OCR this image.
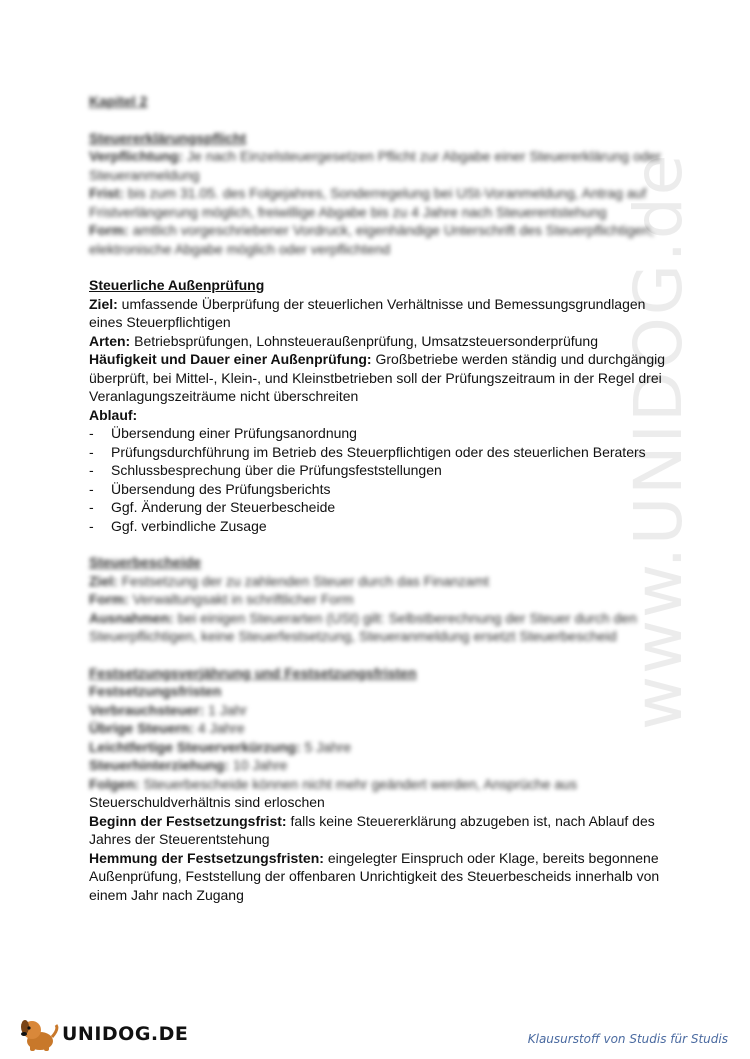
www.UNIDOG.de
Kapitel 2
Steuererklärungspflicht
Verpflichtung: Je nach Einzelsteuergesetzen Pflicht zur Abgabe einer Steuererklärung oder Steueranmeldung
Frist: bis zum 31.05. des Folgejahres, Sonderregelung bei USt-Voranmeldung, Antrag auf Fristverlängerung möglich, freiwillige Abgabe bis zu 4 Jahre nach Steuerentstehung
Form: amtlich vorgeschriebener Vordruck, eigenhändige Unterschrift des Steuerpflichtigen, elektronische Abgabe möglich oder verpflichtend
Steuerliche Außenprüfung
Ziel: umfassende Überprüfung der steuerlichen Verhältnisse und Bemessungsgrundlagen eines Steuerpflichtigen
Arten: Betriebsprüfungen, Lohnsteueraußenprüfung, Umsatzsteuersonderprüfung
Häufigkeit und Dauer einer Außenprüfung: Großbetriebe werden ständig und durchgängig überprüft, bei Mittel-, Klein-, und Kleinstbetrieben soll der Prüfungszeitraum in der Regel drei Veranlagungszeiträume nicht überschreiten
Ablauf:
- Übersendung einer Prüfungsanordnung
- Prüfungsdurchführung im Betrieb des Steuerpflichtigen oder des steuerlichen Beraters
- Schlussbesprechung über die Prüfungsfeststellungen
- Übersendung des Prüfungsberichts
- Ggf. Änderung der Steuerbescheide
- Ggf. verbindliche Zusage
Steuerbescheide
Ziel: Festsetzung der zu zahlenden Steuer durch das Finanzamt
Form: Verwaltungsakt in schriftlicher Form
Ausnahmen: bei einigen Steuerarten (USt) gilt: Selbstberechnung der Steuer durch den Steuerpflichtigen, keine Steuerfestsetzung, Steueranmeldung ersetzt Steuerbescheid
Festsetzungsverjährung und Festsetzungsfristen
Festsetzungsfristen
Verbrauchsteuer: 1 Jahr
Übrige Steuern: 4 Jahre
Leichtfertige Steuerverkürzung: 5 Jahre
Steuerhinterziehung: 10 Jahre
Folgen: Steuerbescheide können nicht mehr geändert werden, Ansprüche aus
Steuerschuldverhältnis sind erloschen
Beginn der Festsetzungsfrist: falls keine Steuererklärung abzugeben ist, nach Ablauf des Jahres der Steuerentstehung
Hemmung der Festsetzungsfristen: eingelegter Einspruch oder Klage, bereits begonnene Außenprüfung, Feststellung der offenbaren Unrichtigkeit des Steuerbescheids innerhalb von einem Jahr nach Zugang
UNIDOG.DE	Klausurstoff von Studis für Studis
